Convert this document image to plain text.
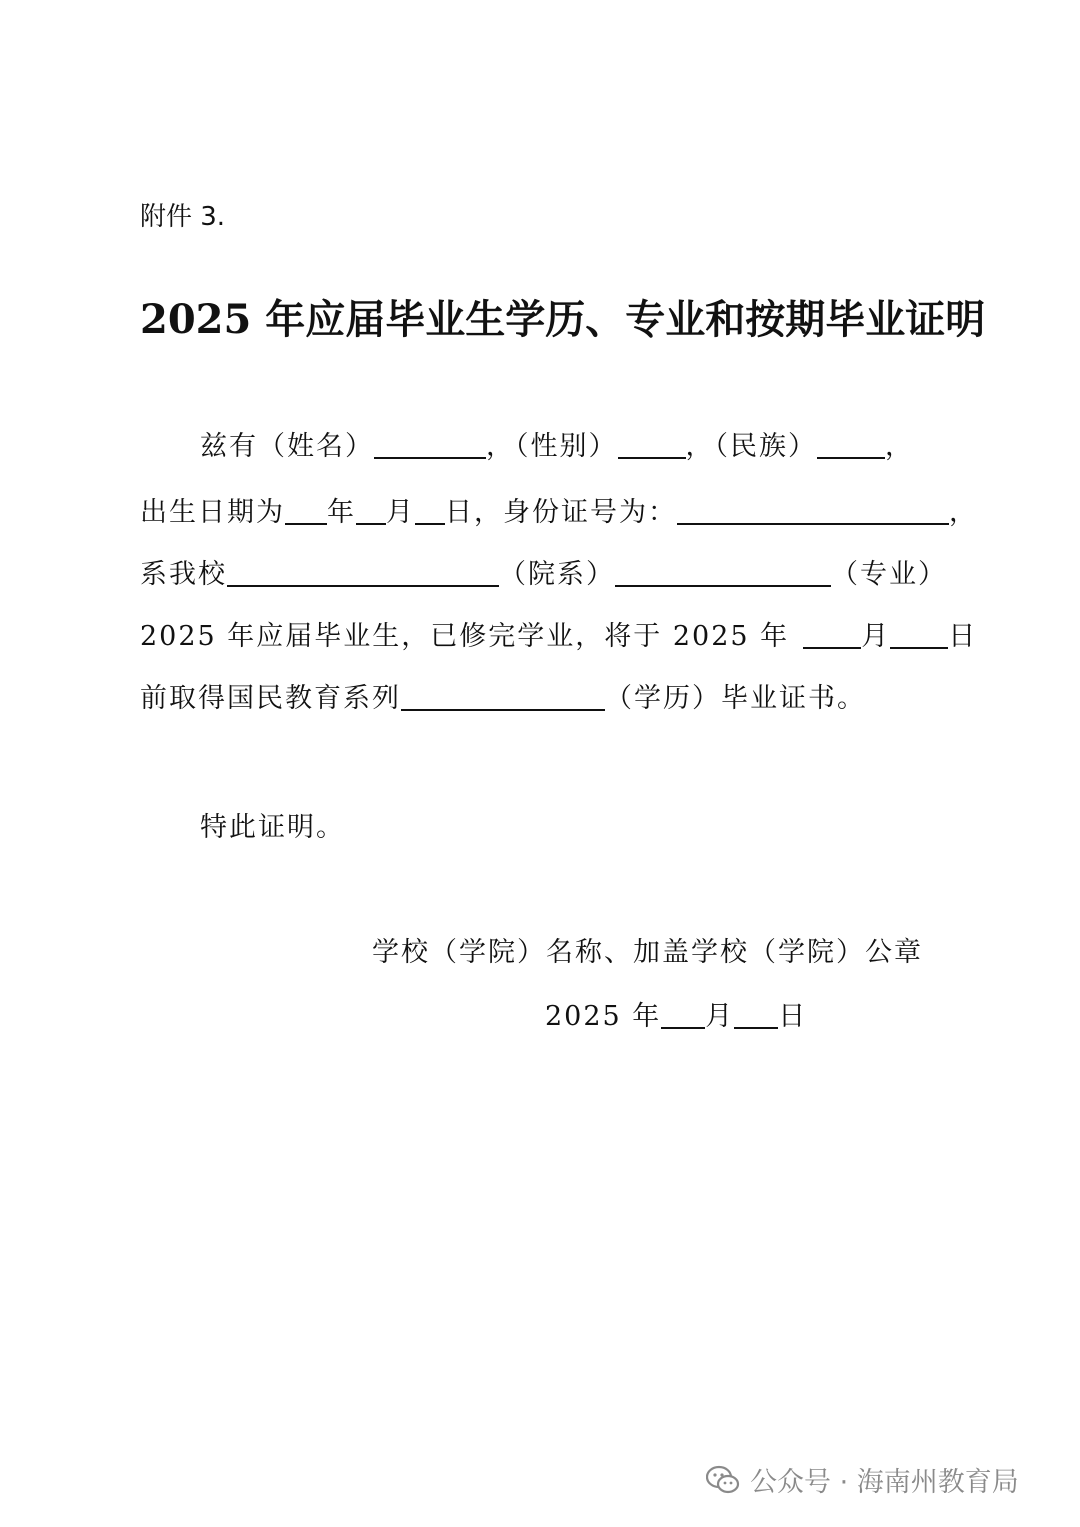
附件 3.
2025 年应届毕业生学历、专业和按期毕业证明
兹有（姓名）	，（性别）	，（民族）	，
出生日期为 年 月 日，身份证号为：	，
系我校	（院系）	（专业）
2025 年应届毕业生，已修完学业，将于 2025 年	月 日
前取得国民教育系列	（学历）毕业证书。
特此证明。
学校（学院）名称、加盖学校（学院）公章
2025 年 月 日
公众号 · 海南州教育局
